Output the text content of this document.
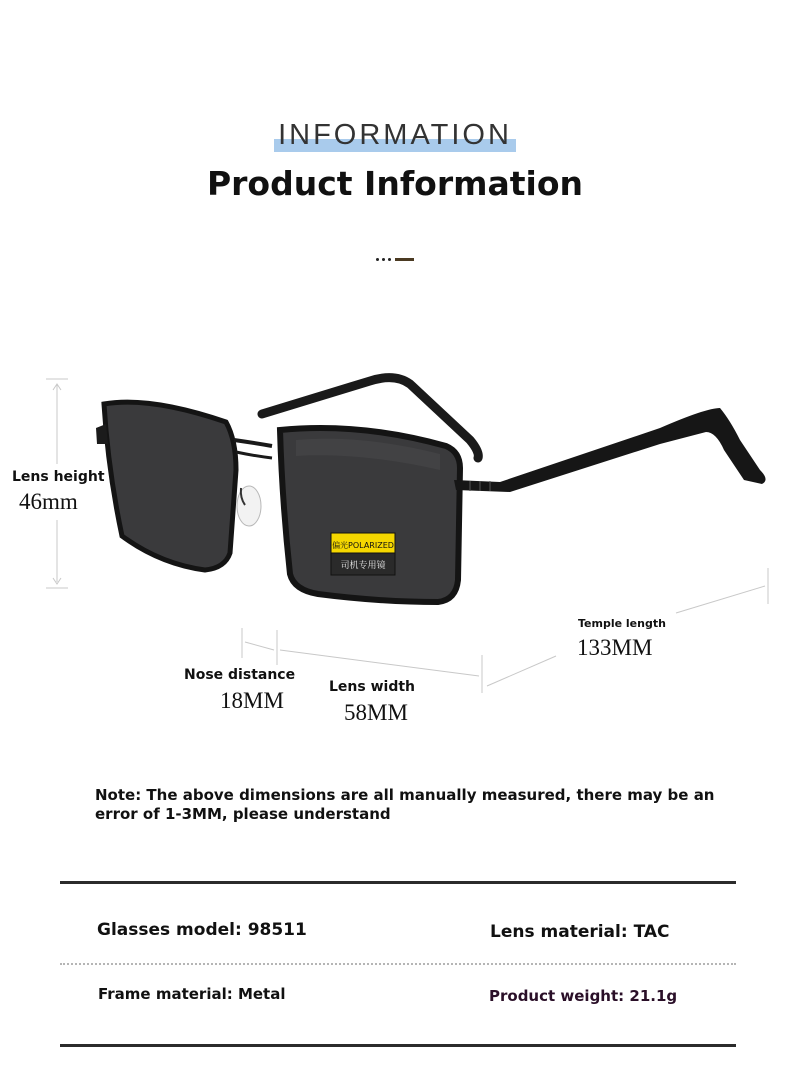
INFORMATION
Product Information
偏光POLARIZED
司机专用镜
Lens height
46mm
Nose distance
18MM
Lens width
58MM
Temple length
133MM
Note: The above dimensions are all manually measured, there may be an error of 1-3MM, please understand
Glasses model: 98511	Lens material: TAC
Frame material: Metal	Product weight: 21.1g
